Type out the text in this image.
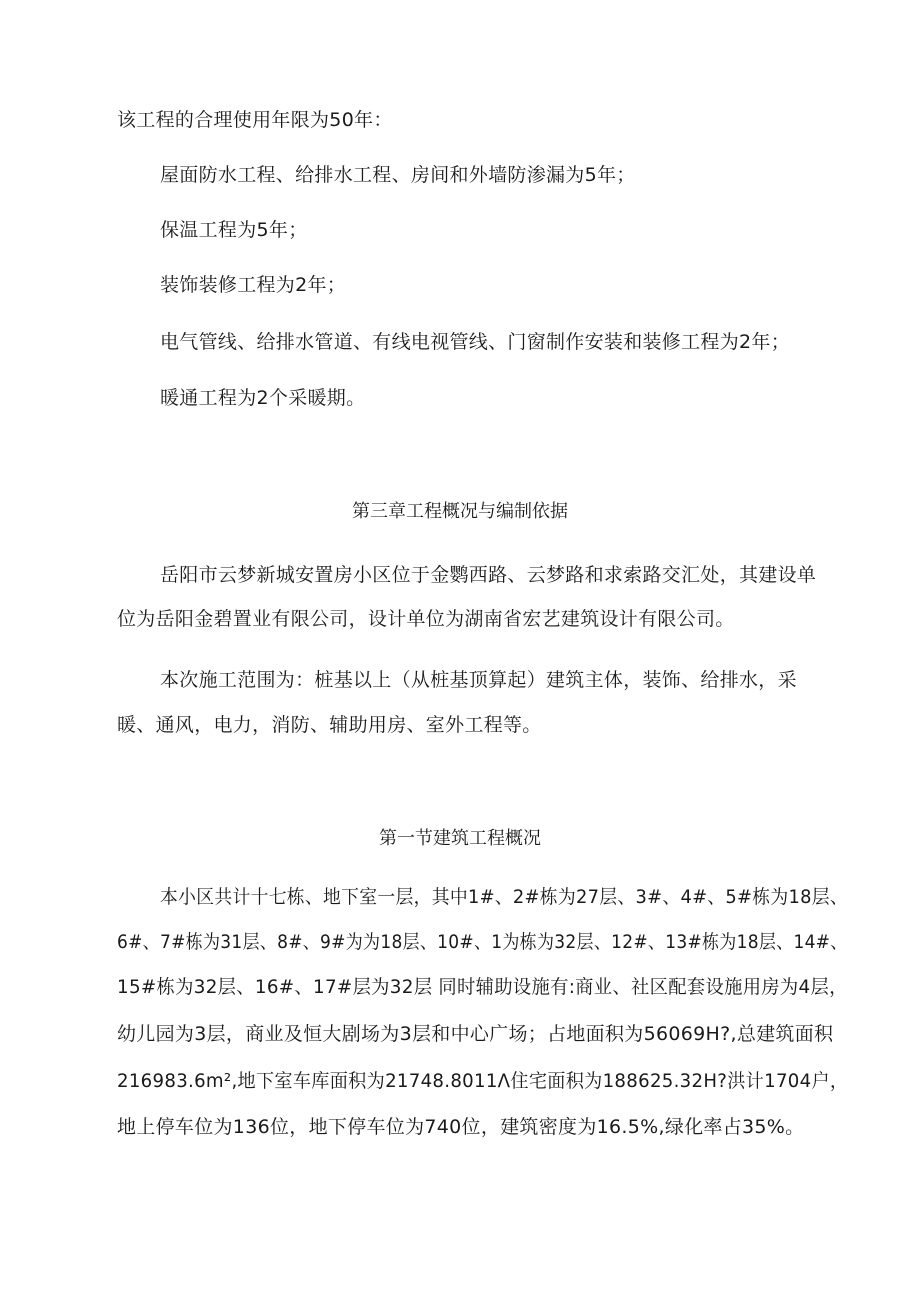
该工程的合理使用年限为50年：
屋面防水工程、给排水工程、房间和外墙防渗漏为5年；
保温工程为5年；
装饰装修工程为2年；
电气管线、给排水管道、有线电视管线、门窗制作安装和装修工程为2年；
暖通工程为2个采暖期。
第三章工程概况与编制依据
岳阳市云梦新城安置房小区位于金鹦西路、云梦路和求索路交汇处，其建设单
位为岳阳金碧置业有限公司，设计单位为湖南省宏艺建筑设计有限公司。
本次施工范围为：桩基以上（从桩基顶算起）建筑主体，装饰、给排水，采
暖、通风，电力，消防、辅助用房、室外工程等。
第一节建筑工程概况
本小区共计十七栋、地下室一层，其中1#、2#栋为27层、3#、4#、5#栋为18层、
6#、7#栋为31层、8#、9#为为18层、10#、1为栋为32层、12#、13#栋为18层、14#、
15#栋为32层、16#、17#层为32层 同时辅助设施有:商业、社区配套设施用房为4层，
幼儿园为3层，商业及恒大剧场为3层和中心广场；占地面积为56069H?,总建筑面积
216983.6m²,地下室车库面积为21748.8011Λ住宅面积为188625.32H?洪计1704户，
地上停车位为136位，地下停车位为740位，建筑密度为16.5%,绿化率占35%。
